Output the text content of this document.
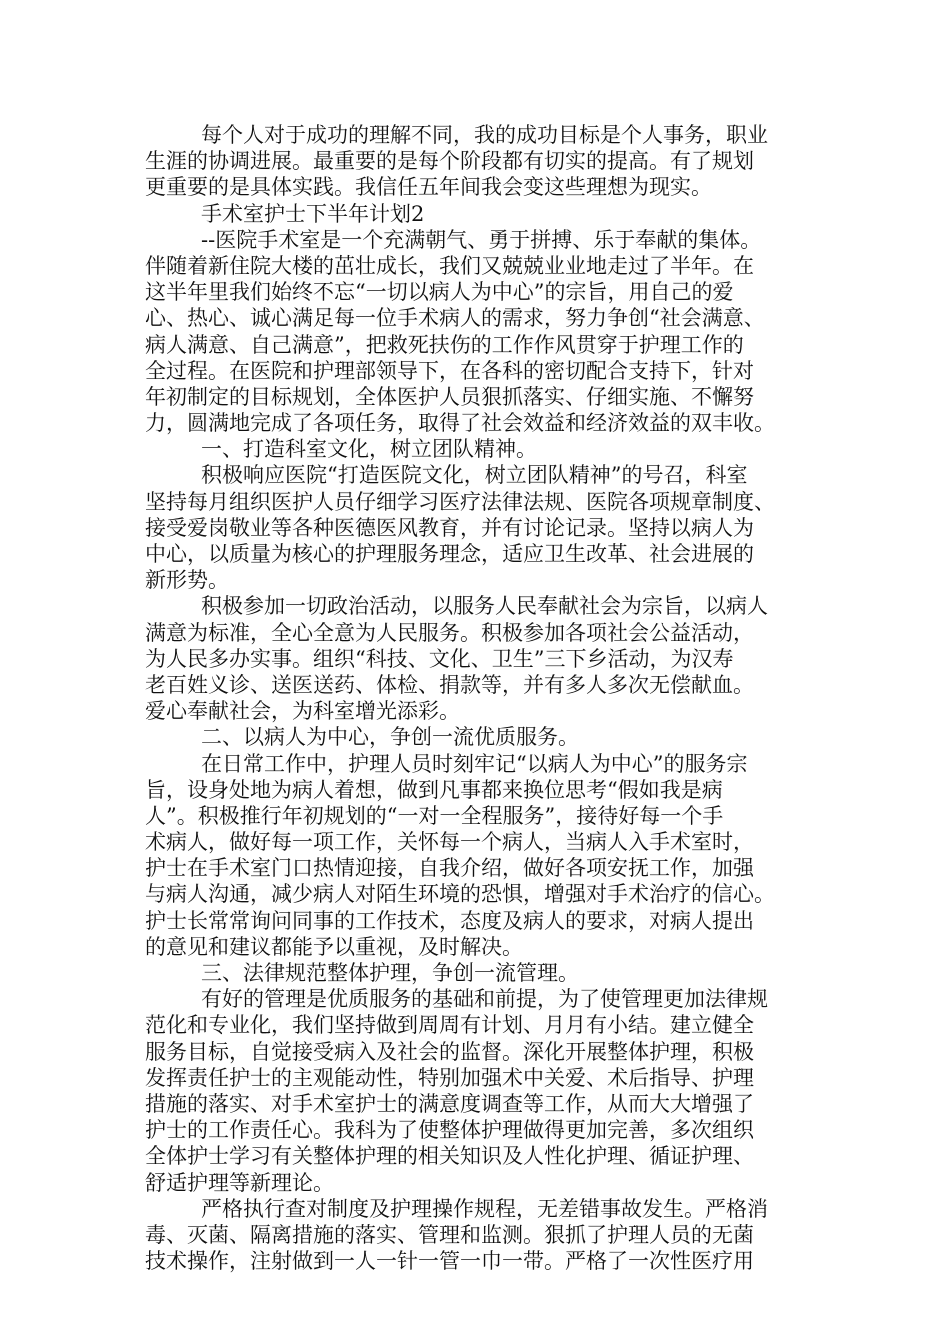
每个人对于成功的理解不同，我的成功目标是个人事务，职业
生涯的协调进展。最重要的是每个阶段都有切实的提高。有了规划
更重要的是具体实践。我信任五年间我会变这些理想为现实。
手术室护士下半年计划2
--医院手术室是一个充满朝气、勇于拼搏、乐于奉献的集体。
伴随着新住院大楼的茁壮成长，我们又兢兢业业地走过了半年。在
这半年里我们始终不忘“一切以病人为中心”的宗旨，用自己的爱
心、热心、诚心满足每一位手术病人的需求，努力争创“社会满意、
病人满意、自己满意”，把救死扶伤的工作作风贯穿于护理工作的
全过程。在医院和护理部领导下，在各科的密切配合支持下，针对
年初制定的目标规划，全体医护人员狠抓落实、仔细实施、不懈努
力，圆满地完成了各项任务，取得了社会效益和经济效益的双丰收。
一、打造科室文化，树立团队精神。
积极响应医院“打造医院文化，树立团队精神”的号召，科室
坚持每月组织医护人员仔细学习医疗法律法规、医院各项规章制度、
接受爱岗敬业等各种医德医风教育，并有讨论记录。坚持以病人为
中心，以质量为核心的护理服务理念，适应卫生改革、社会进展的
新形势。
积极参加一切政治活动，以服务人民奉献社会为宗旨，以病人
满意为标准，全心全意为人民服务。积极参加各项社会公益活动，
为人民多办实事。组织“科技、文化、卫生”三下乡活动，为汉寿
老百姓义诊、送医送药、体检、捐款等，并有多人多次无偿献血。
爱心奉献社会，为科室增光添彩。
二、以病人为中心，争创一流优质服务。
在日常工作中，护理人员时刻牢记“以病人为中心”的服务宗
旨，设身处地为病人着想，做到凡事都来换位思考“假如我是病
人”。积极推行年初规划的“一对一全程服务”，接待好每一个手
术病人，做好每一项工作，关怀每一个病人，当病人入手术室时，
护士在手术室门口热情迎接，自我介绍，做好各项安抚工作，加强
与病人沟通，减少病人对陌生环境的恐惧，增强对手术治疗的信心。
护士长常常询问同事的工作技术，态度及病人的要求，对病人提出
的意见和建议都能予以重视，及时解决。
三、法律规范整体护理，争创一流管理。
有好的管理是优质服务的基础和前提，为了使管理更加法律规
范化和专业化，我们坚持做到周周有计划、月月有小结。建立健全
服务目标，自觉接受病入及社会的监督。深化开展整体护理，积极
发挥责任护士的主观能动性，特别加强术中关爱、术后指导、护理
措施的落实、对手术室护士的满意度调查等工作，从而大大增强了
护士的工作责任心。我科为了使整体护理做得更加完善，多次组织
全体护士学习有关整体护理的相关知识及人性化护理、循证护理、
舒适护理等新理论。
严格执行查对制度及护理操作规程，无差错事故发生。严格消
毒、灭菌、隔离措施的落实、管理和监测。狠抓了护理人员的无菌
技术操作，注射做到一人一针一管一巾一带。严格了一次性医疗用
